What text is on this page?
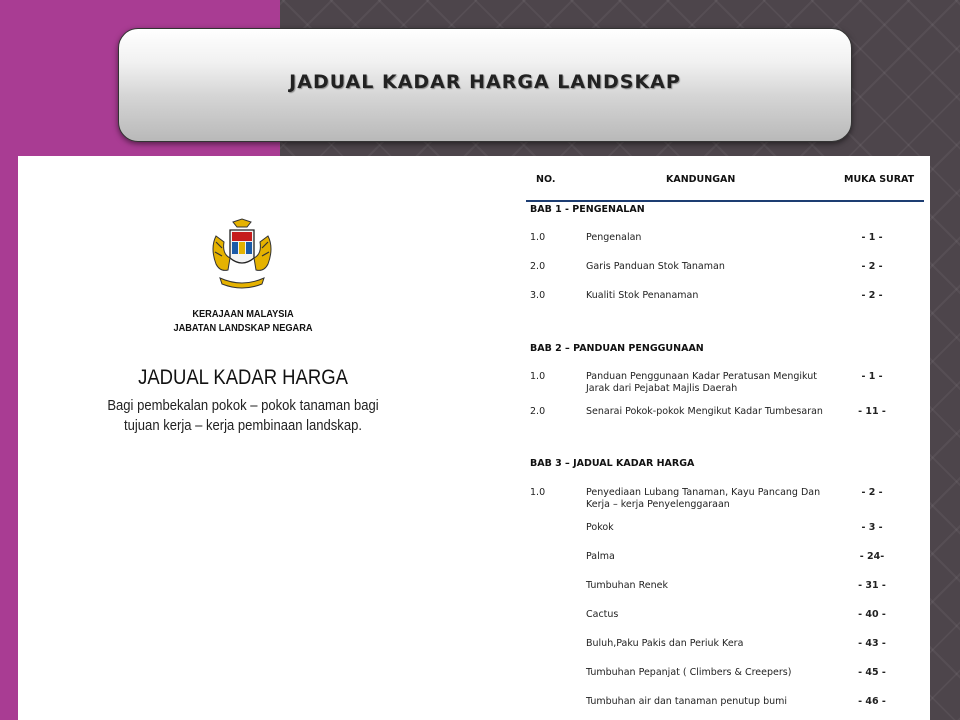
JADUAL KADAR HARGA LANDSKAP
KERAJAAN MALAYSIA
JABATAN LANDSKAP NEGARA
JADUAL KADAR HARGA
Bagi pembekalan pokok – pokok tanaman bagi
tujuan kerja – kerja pembinaan landskap.
NO.	KANDUNGAN	MUKA SURAT
BAB 1 - PENGENALAN
1.0	Pengenalan	- 1 -
2.0	Garis Panduan Stok Tanaman	- 2 -
3.0	Kualiti Stok Penanaman	- 2 -
BAB 2 – PANDUAN PENGGUNAAN
1.0	Panduan Penggunaan Kadar Peratusan Mengikut Jarak dari Pejabat Majlis Daerah
- 1 -
2.0	Senarai Pokok-pokok Mengikut Kadar Tumbesaran	- 11 -
BAB 3 – JADUAL KADAR HARGA
1.0	Penyediaan Lubang Tanaman, Kayu Pancang Dan Kerja – kerja Penyelenggaraan
- 2 -
Pokok	- 3 -
Palma	- 24-
Tumbuhan Renek	- 31 -
Cactus	- 40 -
Buluh,Paku Pakis dan Periuk Kera	- 43 -
Tumbuhan Pepanjat ( Climbers & Creepers)	- 45 -
Tumbuhan air dan tanaman penutup bumi	- 46 -
